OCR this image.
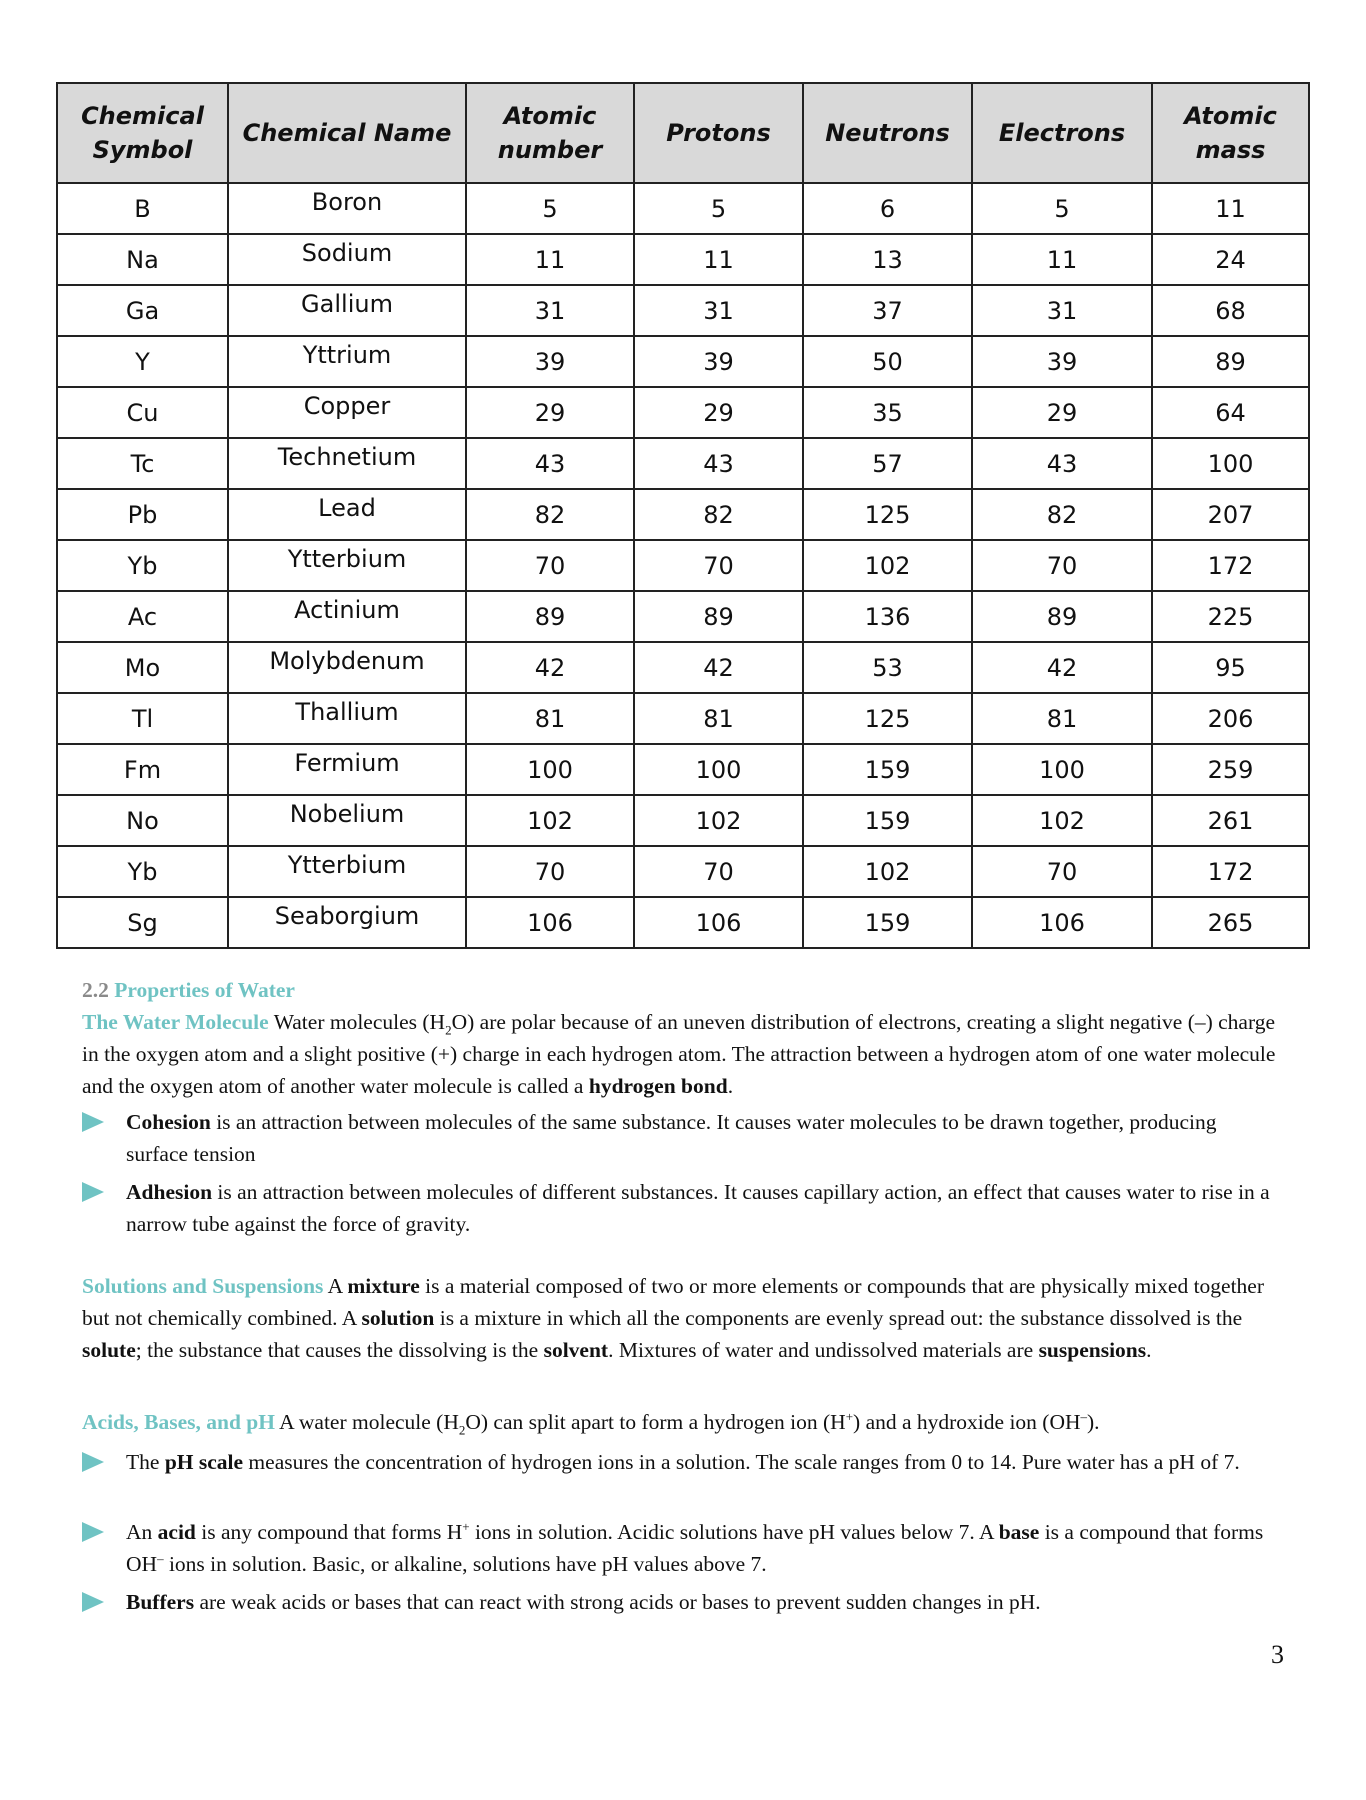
Chemical Symbol	Chemical Name	Atomic number	Protons	Neutrons	Electrons	Atomic mass
B	Boron	5	5	6	5	11
Na	Sodium	11	11	13	11	24
Ga	Gallium	31	31	37	31	68
Y	Yttrium	39	39	50	39	89
Cu	Copper	29	29	35	29	64
Tc	Technetium	43	43	57	43	100
Pb	Lead	82	82	125	82	207
Yb	Ytterbium	70	70	102	70	172
Ac	Actinium	89	89	136	89	225
Mo	Molybdenum	42	42	53	42	95
Tl	Thallium	81	81	125	81	206
Fm	Fermium	100	100	159	100	259
No	Nobelium	102	102	159	102	261
Yb	Ytterbium	70	70	102	70	172
Sg	Seaborgium	106	106	159	106	265
2.2 Properties of Water
The Water Molecule Water molecules $(H_2O)$ are polar because of an uneven distribution of electrons, creating a slight negative (–) charge in the oxygen atom and a slight positive (+) charge in each hydrogen atom. The attraction between a hydrogen atom of one water molecule and the oxygen atom of another water molecule is called a hydrogen bond.
Cohesion is an attraction between molecules of the same substance. It causes water molecules to be drawn together, producing surface tension
Adhesion is an attraction between molecules of different substances. It causes capillary action, an effect that causes water to rise in a narrow tube against the force of gravity.
Solutions and Suspensions A mixture is a material composed of two or more elements or compounds that are physically mixed together but not chemically combined. A solution is a mixture in which all the components are evenly spread out: the substance dissolved is the solute; the substance that causes the dissolving is the solvent. Mixtures of water and undissolved materials are suspensions.
Acids, Bases, and pH A water molecule $(H_2O)$ can split apart to form a hydrogen ion (H+) and a hydroxide ion (OH–).
The pH scale measures the concentration of hydrogen ions in a solution. The scale ranges from 0 to 14. Pure water has a pH of 7.
An acid is any compound that forms H+ ions in solution. Acidic solutions have pH values below 7. A base is a compound that forms OH– ions in solution. Basic, or alkaline, solutions have pH values above 7.
Buffers are weak acids or bases that can react with strong acids or bases to prevent sudden changes in pH.
3
